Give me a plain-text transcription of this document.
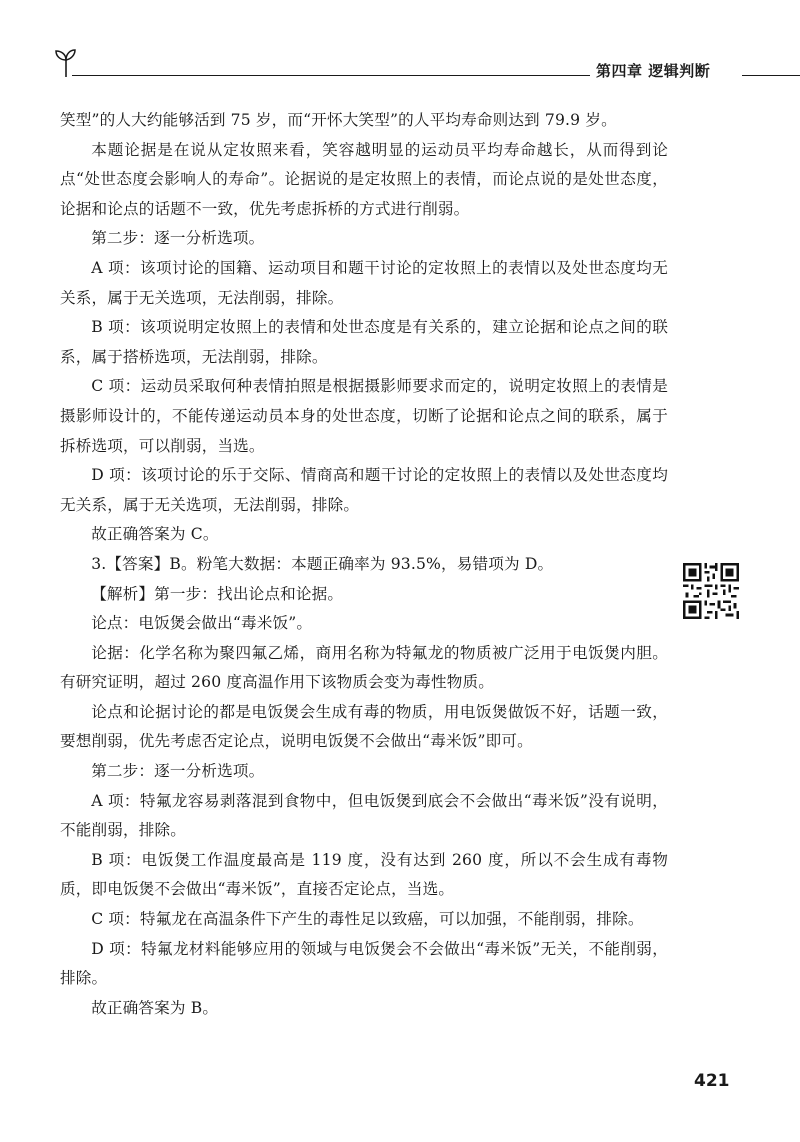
第四章 逻辑判断

笑型”的人大约能够活到 75 岁，而“开怀大笑型”的人平均寿命则达到 79.9 岁。

本题论据是在说从定妆照来看，笑容越明显的运动员平均寿命越长，从而得到论点“处世态度会影响人的寿命”。论据说的是定妆照上的表情，而论点说的是处世态度，论据和论点的话题不一致，优先考虑拆桥的方式进行削弱。

第二步：逐一分析选项。

A 项：该项讨论的国籍、运动项目和题干讨论的定妆照上的表情以及处世态度均无关系，属于无关选项，无法削弱，排除。

B 项：该项说明定妆照上的表情和处世态度是有关系的，建立论据和论点之间的联系，属于搭桥选项，无法削弱，排除。

C 项：运动员采取何种表情拍照是根据摄影师要求而定的，说明定妆照上的表情是摄影师设计的，不能传递运动员本身的处世态度，切断了论据和论点之间的联系，属于拆桥选项，可以削弱，当选。

D 项：该项讨论的乐于交际、情商高和题干讨论的定妆照上的表情以及处世态度均无关系，属于无关选项，无法削弱，排除。

故正确答案为 C。

3.【答案】B。粉笔大数据：本题正确率为 93.5%，易错项为 D。

【解析】第一步：找出论点和论据。

论点：电饭煲会做出“毒米饭”。

论据：化学名称为聚四氟乙烯，商用名称为特氟龙的物质被广泛用于电饭煲内胆。有研究证明，超过 260 度高温作用下该物质会变为毒性物质。

论点和论据讨论的都是电饭煲会生成有毒的物质，用电饭煲做饭不好，话题一致，要想削弱，优先考虑否定论点，说明电饭煲不会做出“毒米饭”即可。

第二步：逐一分析选项。

A 项：特氟龙容易剥落混到食物中，但电饭煲到底会不会做出“毒米饭”没有说明，不能削弱，排除。

B 项：电饭煲工作温度最高是 119 度，没有达到 260 度，所以不会生成有毒物质，即电饭煲不会做出“毒米饭”，直接否定论点，当选。

C 项：特氟龙在高温条件下产生的毒性足以致癌，可以加强，不能削弱，排除。

D 项：特氟龙材料能够应用的领域与电饭煲会不会做出“毒米饭”无关，不能削弱，排除。

故正确答案为 B。

421
